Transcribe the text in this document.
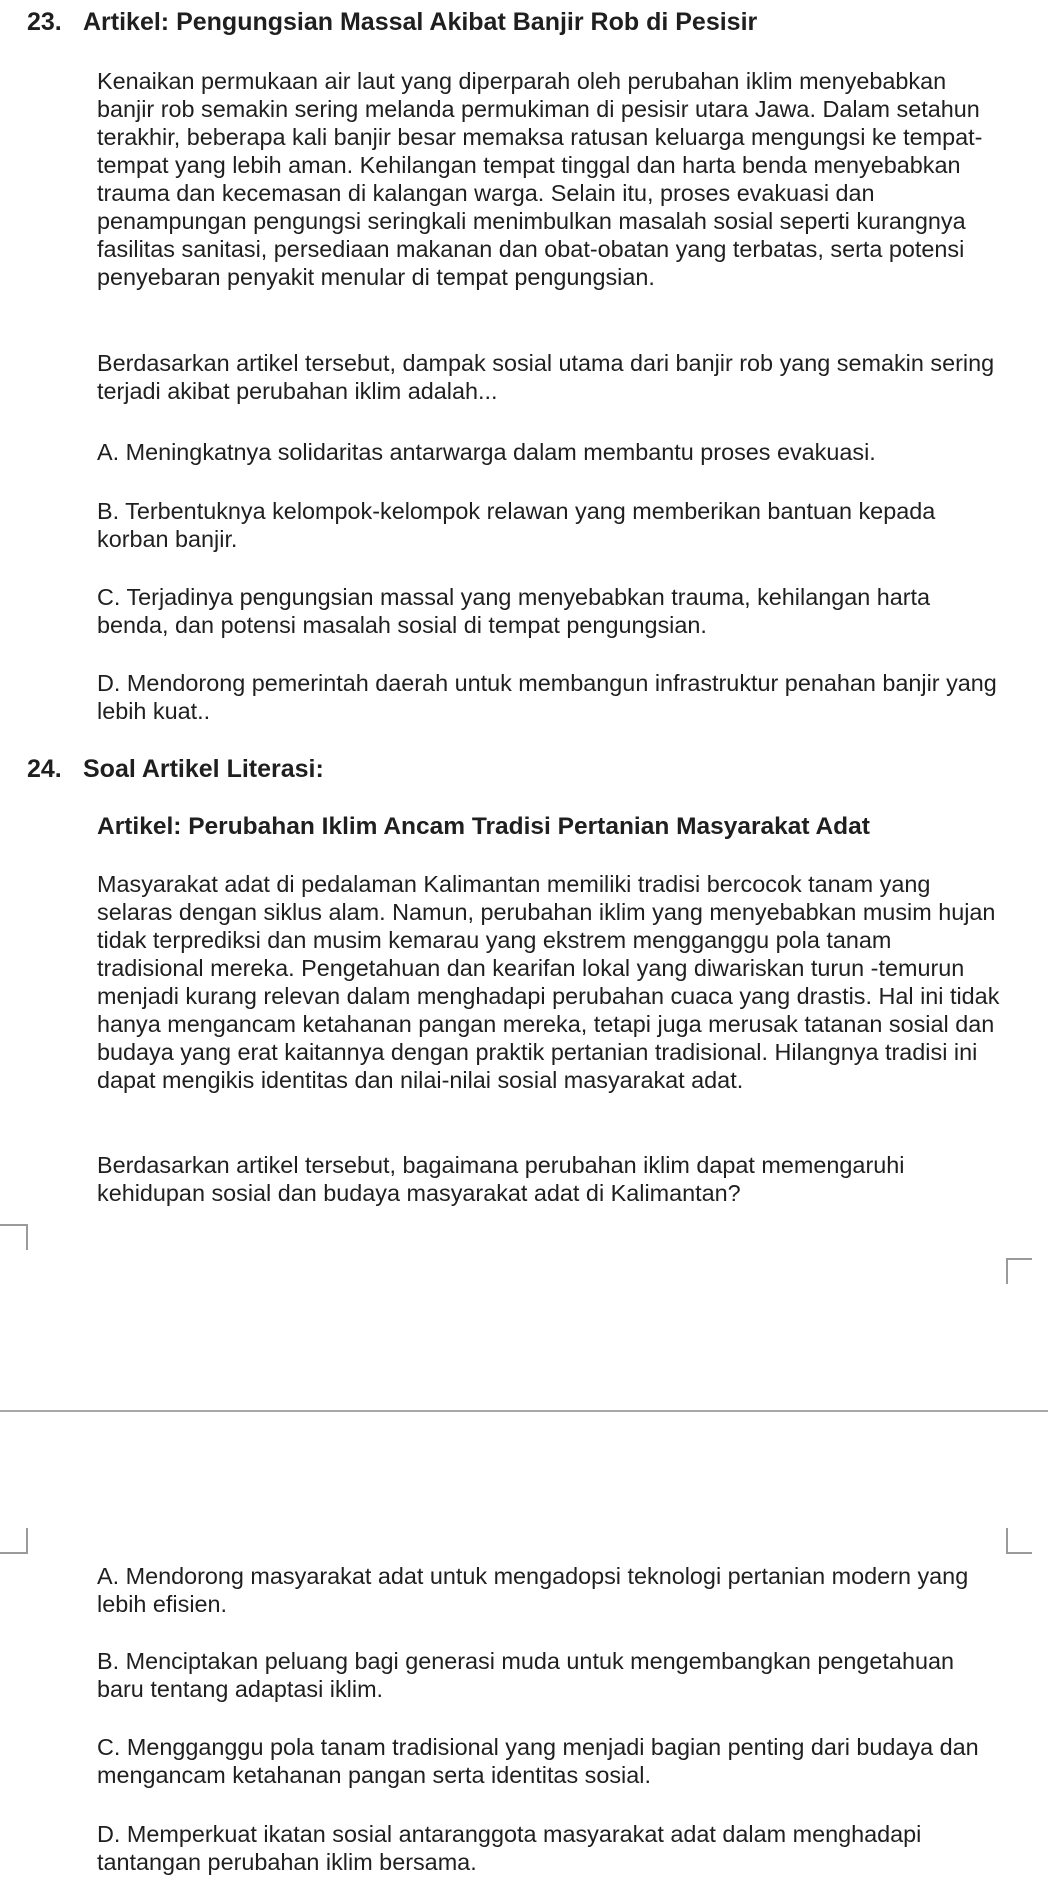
23. Artikel: Pengungsian Massal Akibat Banjir Rob di Pesisir

Kenaikan permukaan air laut yang diperparah oleh perubahan iklim menyebabkan banjir rob semakin sering melanda permukiman di pesisir utara Jawa. Dalam setahun terakhir, beberapa kali banjir besar memaksa ratusan keluarga mengungsi ke tempat-tempat yang lebih aman. Kehilangan tempat tinggal dan harta benda menyebabkan trauma dan kecemasan di kalangan warga. Selain itu, proses evakuasi dan penampungan pengungsi seringkali menimbulkan masalah sosial seperti kurangnya fasilitas sanitasi, persediaan makanan dan obat-obatan yang terbatas, serta potensi penyebaran penyakit menular di tempat pengungsian.

Berdasarkan artikel tersebut, dampak sosial utama dari banjir rob yang semakin sering terjadi akibat perubahan iklim adalah...

A. Meningkatnya solidaritas antarwarga dalam membantu proses evakuasi.

B. Terbentuknya kelompok-kelompok relawan yang memberikan bantuan kepada korban banjir.

C. Terjadinya pengungsian massal yang menyebabkan trauma, kehilangan harta benda, dan potensi masalah sosial di tempat pengungsian.

D. Mendorong pemerintah daerah untuk membangun infrastruktur penahan banjir yang lebih kuat..

24. Soal Artikel Literasi:

Artikel: Perubahan Iklim Ancam Tradisi Pertanian Masyarakat Adat

Masyarakat adat di pedalaman Kalimantan memiliki tradisi bercocok tanam yang selaras dengan siklus alam. Namun, perubahan iklim yang menyebabkan musim hujan tidak terprediksi dan musim kemarau yang ekstrem mengganggu pola tanam tradisional mereka. Pengetahuan dan kearifan lokal yang diwariskan turun -temurun menjadi kurang relevan dalam menghadapi perubahan cuaca yang drastis. Hal ini tidak hanya mengancam ketahanan pangan mereka, tetapi juga merusak tatanan sosial dan budaya yang erat kaitannya dengan praktik pertanian tradisional. Hilangnya tradisi ini dapat mengikis identitas dan nilai-nilai sosial masyarakat adat.

Berdasarkan artikel tersebut, bagaimana perubahan iklim dapat memengaruhi kehidupan sosial dan budaya masyarakat adat di Kalimantan?

A. Mendorong masyarakat adat untuk mengadopsi teknologi pertanian modern yang lebih efisien.

B. Menciptakan peluang bagi generasi muda untuk mengembangkan pengetahuan baru tentang adaptasi iklim.

C. Mengganggu pola tanam tradisional yang menjadi bagian penting dari budaya dan mengancam ketahanan pangan serta identitas sosial.

D. Memperkuat ikatan sosial antaranggota masyarakat adat dalam menghadapi tantangan perubahan iklim bersama.
